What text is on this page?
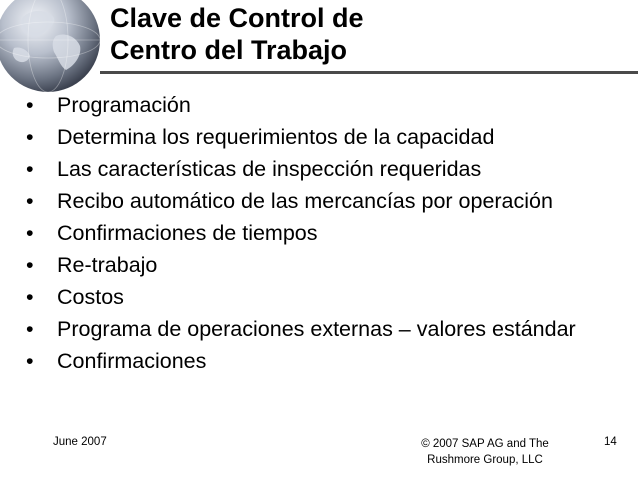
Clave de Control de
Centro del Trabajo
• Programación
• Determina los requerimientos de la capacidad
• Las características de inspección requeridas
• Recibo automático de las mercancías por operación
• Confirmaciones de tiempos
• Re-trabajo
• Costos
• Programa de operaciones externas – valores estándar
• Confirmaciones
June 2007	© 2007 SAP AG and The
Rushmore Group, LLC
14
